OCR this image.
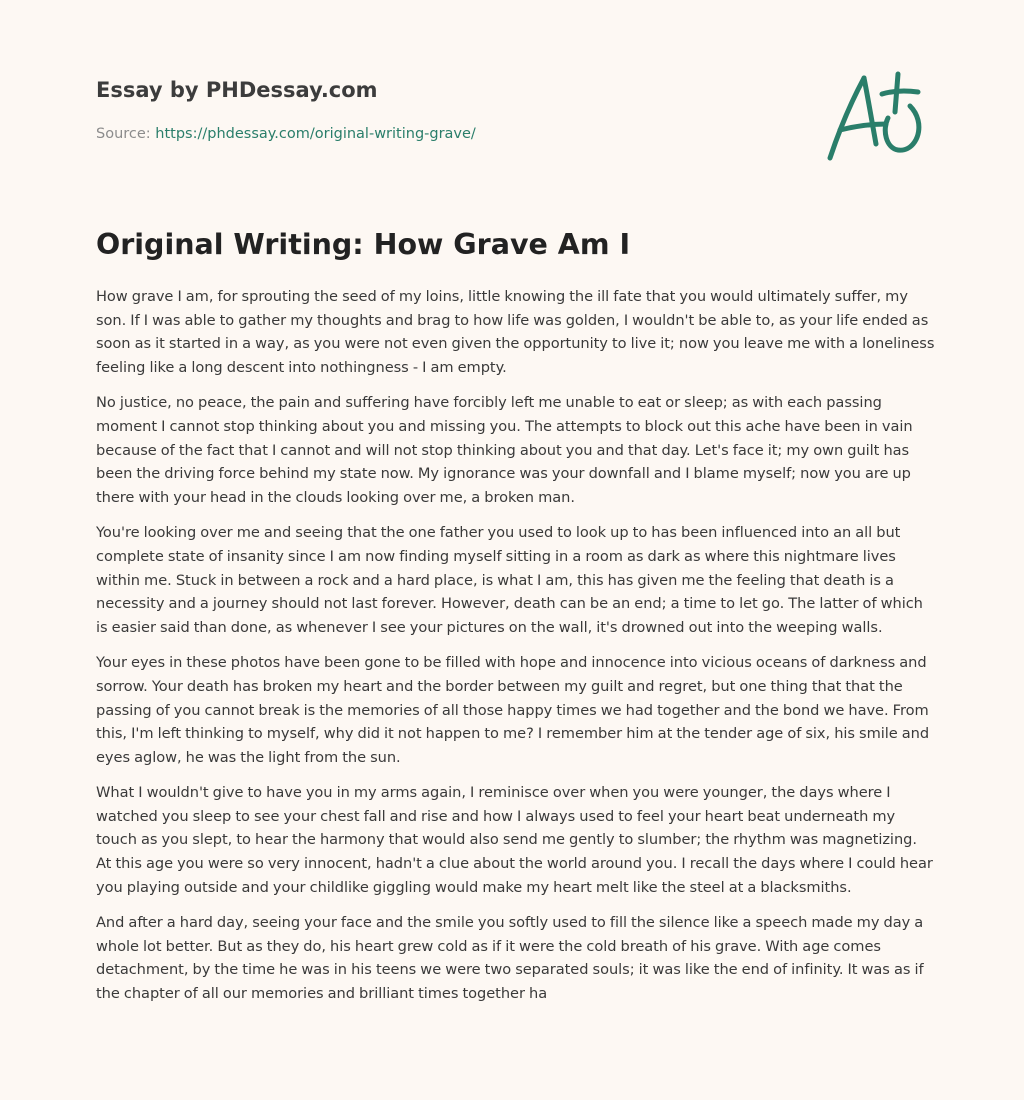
Essay by PHDessay.com
Source: https://phdessay.com/original-writing-grave/
Original Writing: How Grave Am I

How grave I am, for sprouting the seed of my loins, little knowing the ill fate that you would ultimately suffer, my son. If I was able to gather my thoughts and brag to how life was golden, I wouldn't be able to, as your life ended as soon as it started in a way, as you were not even given the opportunity to live it; now you leave me with a loneliness feeling like a long descent into nothingness - I am empty.

No justice, no peace, the pain and suffering have forcibly left me unable to eat or sleep; as with each passing moment I cannot stop thinking about you and missing you. The attempts to block out this ache have been in vain because of the fact that I cannot and will not stop thinking about you and that day. Let's face it; my own guilt has been the driving force behind my state now. My ignorance was your downfall and I blame myself; now you are up there with your head in the clouds looking over me, a broken man.

You're looking over me and seeing that the one father you used to look up to has been influenced into an all but complete state of insanity since I am now finding myself sitting in a room as dark as where this nightmare lives within me. Stuck in between a rock and a hard place, is what I am, this has given me the feeling that death is a necessity and a journey should not last forever. However, death can be an end; a time to let go. The latter of which is easier said than done, as whenever I see your pictures on the wall, it's drowned out into the weeping walls.

Your eyes in these photos have been gone to be filled with hope and innocence into vicious oceans of darkness and sorrow. Your death has broken my heart and the border between my guilt and regret, but one thing that that the passing of you cannot break is the memories of all those happy times we had together and the bond we have. From this, I'm left thinking to myself, why did it not happen to me? I remember him at the tender age of six, his smile and eyes aglow, he was the light from the sun.

What I wouldn't give to have you in my arms again, I reminisce over when you were younger, the days where I watched you sleep to see your chest fall and rise and how I always used to feel your heart beat underneath my touch as you slept, to hear the harmony that would also send me gently to slumber; the rhythm was magnetizing. At this age you were so very innocent, hadn't a clue about the world around you. I recall the days where I could hear you playing outside and your childlike giggling would make my heart melt like the steel at a blacksmiths.

And after a hard day, seeing your face and the smile you softly used to fill the silence like a speech made my day a whole lot better. But as they do, his heart grew cold as if it were the cold breath of his grave. With age comes detachment, by the time he was in his teens we were two separated souls; it was like the end of infinity. It was as if the chapter of all our memories and brilliant times together ha
